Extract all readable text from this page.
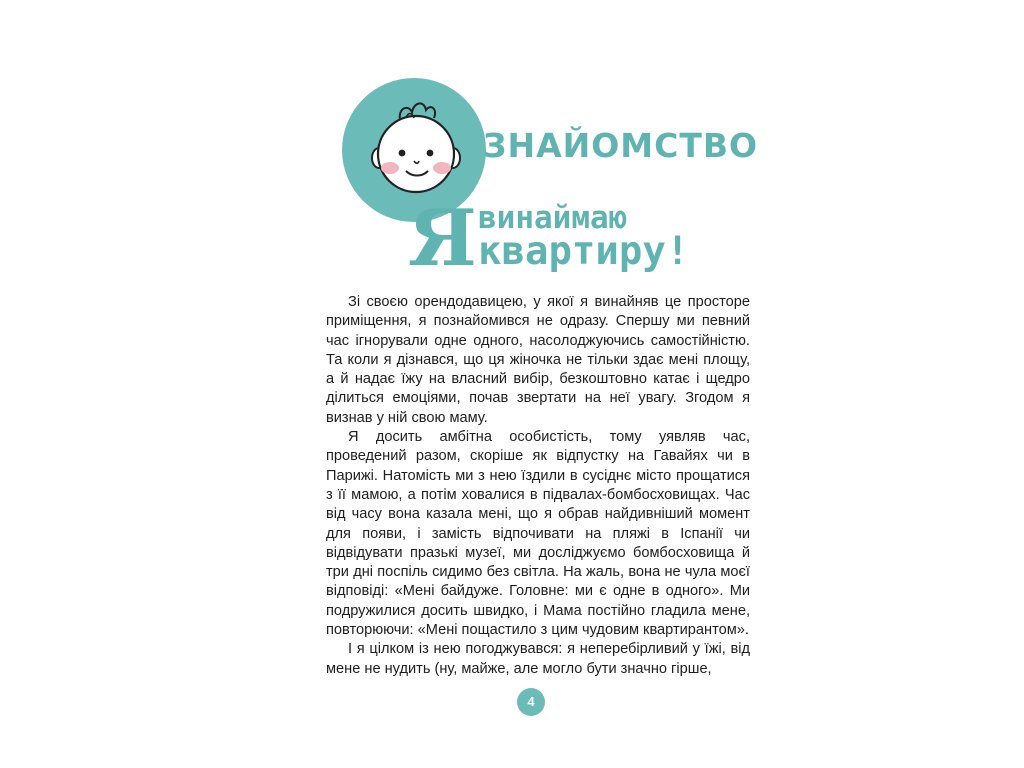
ЗНАЙОМСТВО
Я винаймаю
квартиру!

Зі своєю орендодавицею, у якої я винайняв це просторе приміщення, я познайомився не одразу. Спершу ми певний час ігнорували одне одного, насолоджуючись самостійністю. Та коли я дізнався, що ця жіночка не тільки здає мені площу, а й надає їжу на власний вибір, безкоштовно катає і щедро ділиться емоціями, почав звертати на неї увагу. Згодом я визнав у ній свою маму.

Я досить амбітна особистість, тому уявляв час, проведений разом, скоріше як відпустку на Гавайях чи в Парижі. Натомість ми з нею їздили в сусіднє місто прощатися з її мамою, а потім ховалися в підвалах-бомбосховищах. Час від часу вона казала мені, що я обрав найдивніший момент для появи, і замість відпочивати на пляжі в Іспанії чи відвідувати празькі музеї, ми досліджуємо бомбосховища й три дні поспіль сидимо без світла. На жаль, вона не чула моєї відповіді: «Мені байдуже. Головне: ми є одне в одного». Ми подружилися досить швидко, і Мама постійно гладила мене, повторюючи: «Мені пощастило з цим чудовим квартирантом».

І я цілком із нею погоджувався: я неперебірливий у їжі, від мене не нудить (ну, майже, але могло бути значно гірше,

4
